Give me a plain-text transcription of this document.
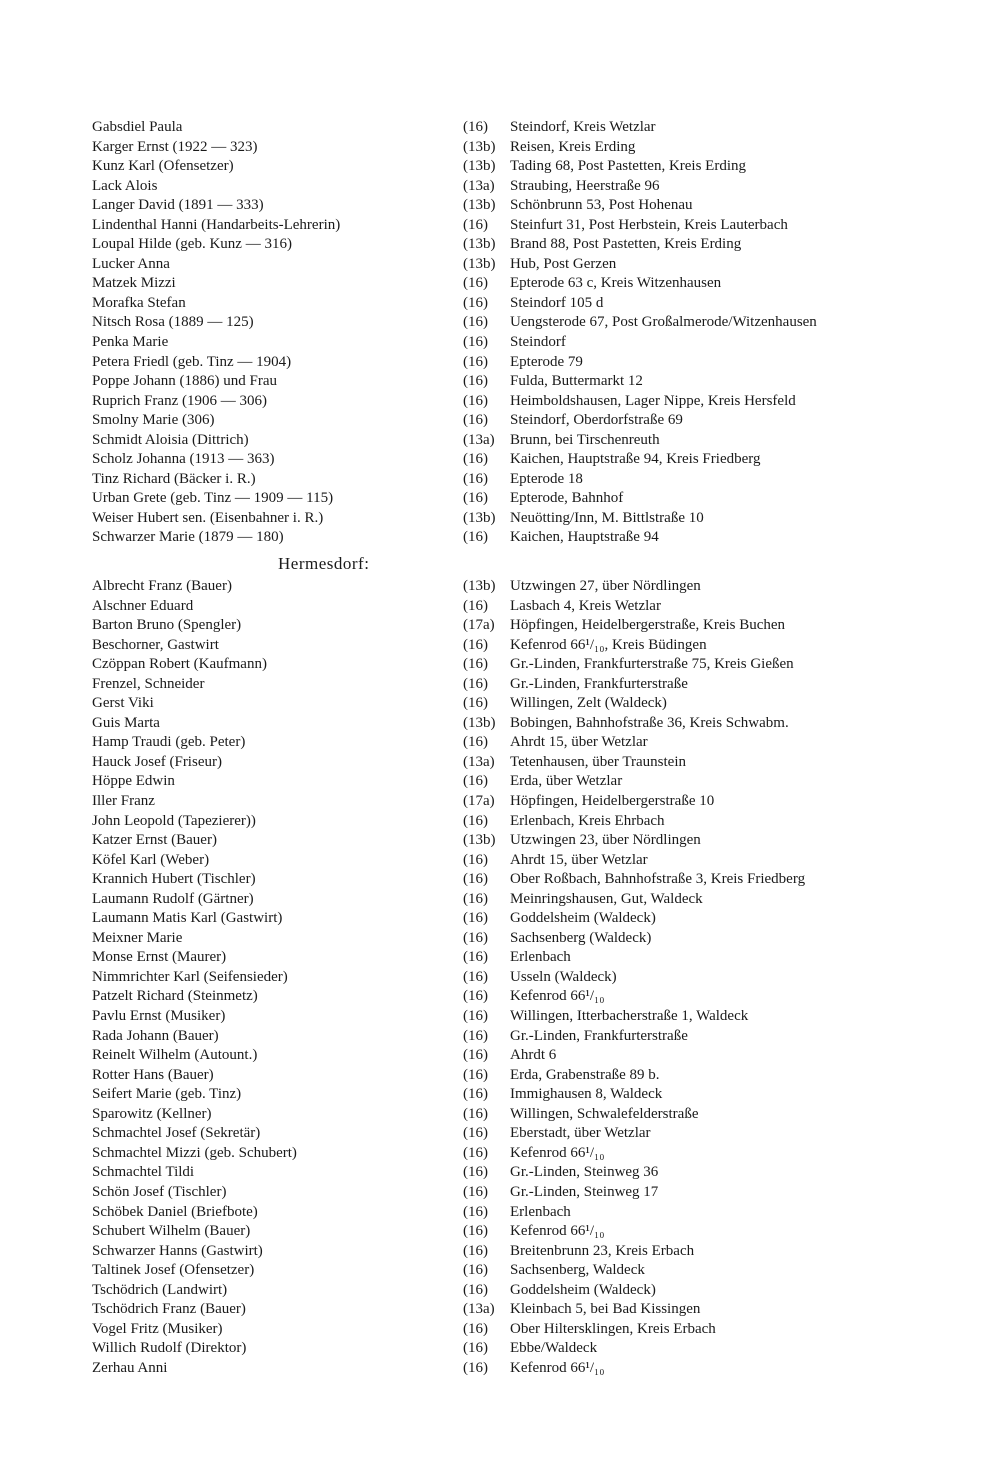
Gabsdiel Paula	(16) Steindorf, Kreis Wetzlar
Karger Ernst (1922 — 323)	(13b) Reisen, Kreis Erding
Kunz Karl (Ofensetzer)	(13b) Tading 68, Post Pastetten, Kreis Erding
Lack Alois	(13a) Straubing, Heerstraße 96
Langer David (1891 — 333)	(13b) Schönbrunn 53, Post Hohenau
Lindenthal Hanni (Handarbeits-Lehrerin)	(16) Steinfurt 31, Post Herbstein, Kreis Lauterbach
Loupal Hilde (geb. Kunz — 316)	(13b) Brand 88, Post Pastetten, Kreis Erding
Lucker Anna	(13b) Hub, Post Gerzen
Matzek Mizzi	(16) Epterode 63 c, Kreis Witzenhausen
Morafka Stefan	(16) Steindorf 105 d
Nitsch Rosa (1889 — 125)	(16) Uengsterode 67, Post Großalmerode/Witzenhausen
Penka Marie	(16) Steindorf
Petera Friedl (geb. Tinz — 1904)	(16) Epterode 79
Poppe Johann (1886) und Frau	(16) Fulda, Buttermarkt 12
Ruprich Franz (1906 — 306)	(16) Heimboldshausen, Lager Nippe, Kreis Hersfeld
Smolny Marie (306)	(16) Steindorf, Oberdorfstraße 69
Schmidt Aloisia (Dittrich)	(13a) Brunn, bei Tirschenreuth
Scholz Johanna (1913 — 363)	(16) Kaichen, Hauptstraße 94, Kreis Friedberg
Tinz Richard (Bäcker i. R.)	(16) Epterode 18
Urban Grete (geb. Tinz — 1909 — 115)	(16) Epterode, Bahnhof
Weiser Hubert sen. (Eisenbahner i. R.)	(13b) Neuötting/Inn, M. Bittlstraße 10
Schwarzer Marie (1879 — 180)	(16) Kaichen, Hauptstraße 94
Hermesdorf:
Albrecht Franz (Bauer)	(13b) Utzwingen 27, über Nördlingen
Alschner Eduard	(16) Lasbach 4, Kreis Wetzlar
Barton Bruno (Spengler)	(17a) Höpfingen, Heidelbergerstraße, Kreis Buchen
Beschorner, Gastwirt	(16) Kefenrod 66¹/₁₀, Kreis Büdingen
Czöppan Robert (Kaufmann)	(16) Gr.-Linden, Frankfurterstraße 75, Kreis Gießen
Frenzel, Schneider	(16) Gr.-Linden, Frankfurterstraße
Gerst Viki	(16) Willingen, Zelt (Waldeck)
Guis Marta	(13b) Bobingen, Bahnhofstraße 36, Kreis Schwabm.
Hamp Traudi (geb. Peter)	(16) Ahrdt 15, über Wetzlar
Hauck Josef (Friseur)	(13a) Tetenhausen, über Traunstein
Höppe Edwin	(16) Erda, über Wetzlar
Iller Franz	(17a) Höpfingen, Heidelbergerstraße 10
John Leopold (Tapezierer))	(16) Erlenbach, Kreis Ehrbach
Katzer Ernst (Bauer)	(13b) Utzwingen 23, über Nördlingen
Köfel Karl (Weber)	(16) Ahrdt 15, über Wetzlar
Krannich Hubert (Tischler)	(16) Ober Roßbach, Bahnhofstraße 3, Kreis Friedberg
Laumann Rudolf (Gärtner)	(16) Meinringshausen, Gut, Waldeck
Laumann Matis Karl (Gastwirt)	(16) Goddelsheim (Waldeck)
Meixner Marie	(16) Sachsenberg (Waldeck)
Monse Ernst (Maurer)	(16) Erlenbach
Nimmrichter Karl (Seifensieder)	(16) Usseln (Waldeck)
Patzelt Richard (Steinmetz)	(16) Kefenrod 66¹/₁₀
Pavlu Ernst (Musiker)	(16) Willingen, Itterbacherstraße 1, Waldeck
Rada Johann (Bauer)	(16) Gr.-Linden, Frankfurterstraße
Reinelt Wilhelm (Autount.)	(16) Ahrdt 6
Rotter Hans (Bauer)	(16) Erda, Grabenstraße 89 b.
Seifert Marie (geb. Tinz)	(16) Immighausen 8, Waldeck
Sparowitz (Kellner)	(16) Willingen, Schwalefelderstraße
Schmachtel Josef (Sekretär)	(16) Eberstadt, über Wetzlar
Schmachtel Mizzi (geb. Schubert)	(16) Kefenrod 66¹/₁₀
Schmachtel Tildi	(16) Gr.-Linden, Steinweg 36
Schön Josef (Tischler)	(16) Gr.-Linden, Steinweg 17
Schöbek Daniel (Briefbote)	(16) Erlenbach
Schubert Wilhelm (Bauer)	(16) Kefenrod 66¹/₁₀
Schwarzer Hanns (Gastwirt)	(16) Breitenbrunn 23, Kreis Erbach
Taltinek Josef (Ofensetzer)	(16) Sachsenberg, Waldeck
Tschödrich (Landwirt)	(16) Goddelsheim (Waldeck)
Tschödrich Franz (Bauer)	(13a) Kleinbach 5, bei Bad Kissingen
Vogel Fritz (Musiker)	(16) Ober Hiltersklingen, Kreis Erbach
Willich Rudolf (Direktor)	(16) Ebbe/Waldeck
Zerhau Anni	(16) Kefenrod 66¹/₁₀
